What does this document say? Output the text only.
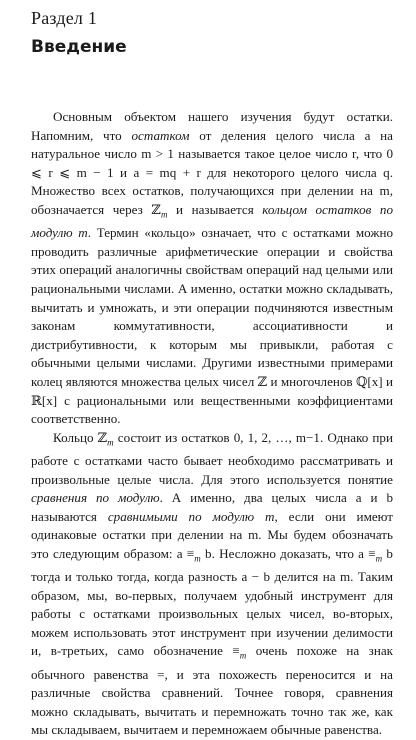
Раздел 1
Введение

Основным объектом нашего изучения будут остатки. Напомним, что остатком от деления целого числа a на натуральное число m > 1 называется такое целое число r, что 0 ⩽ r ⩽ m − 1 и a = mq + r для некоторого целого числа q. Множество всех остатков, получающихся при делении на m, обозначается через ℤ$_m$ и называется кольцом остатков по модулю m. Термин «кольцо» означает, что с остатками можно проводить различные арифметические операции и свойства этих операций аналогичны свойствам операций над целыми или рациональными числами. А именно, остатки можно складывать, вычитать и умножать, и эти операции подчиняются известным законам коммутативности, ассоциативности и дистрибутивности, к которым мы привыкли, работая с обычными целыми числами. Другими известными примерами колец являются множества целых чисел ℤ и многочленов ℚ[x] и ℝ[x] с рациональными или вещественными коэффициентами соответственно.

Кольцо ℤ$_m$ состоит из остатков 0, 1, 2, …, m−1. Однако при работе с остатками часто бывает необходимо рассматривать и произвольные целые числа. Для этого используется понятие сравнения по модулю. А именно, два целых числа a и b называются сравнимыми по модулю m, если они имеют одинаковые остатки при делении на m. Мы будем обозначать это следующим образом: $a \equiv_m$ b. Несложно доказать, что $a \equiv_m$ b тогда и только тогда, когда разность a − b делится на m. Таким образом, мы, во-первых, получаем удобный инструмент для работы с остатками произвольных целых чисел, во-вторых, можем использовать этот инструмент при изучении делимости и, в-третьих, само обозначение $\equiv_m$ очень похоже на знак обычного равенства =, и эта похожесть переносится и на различные свойства сравнений. Точнее говоря, сравнения можно складывать, вычитать и перемножать точно так же, как мы складываем, вычитаем и перемножаем обычные равенства.
